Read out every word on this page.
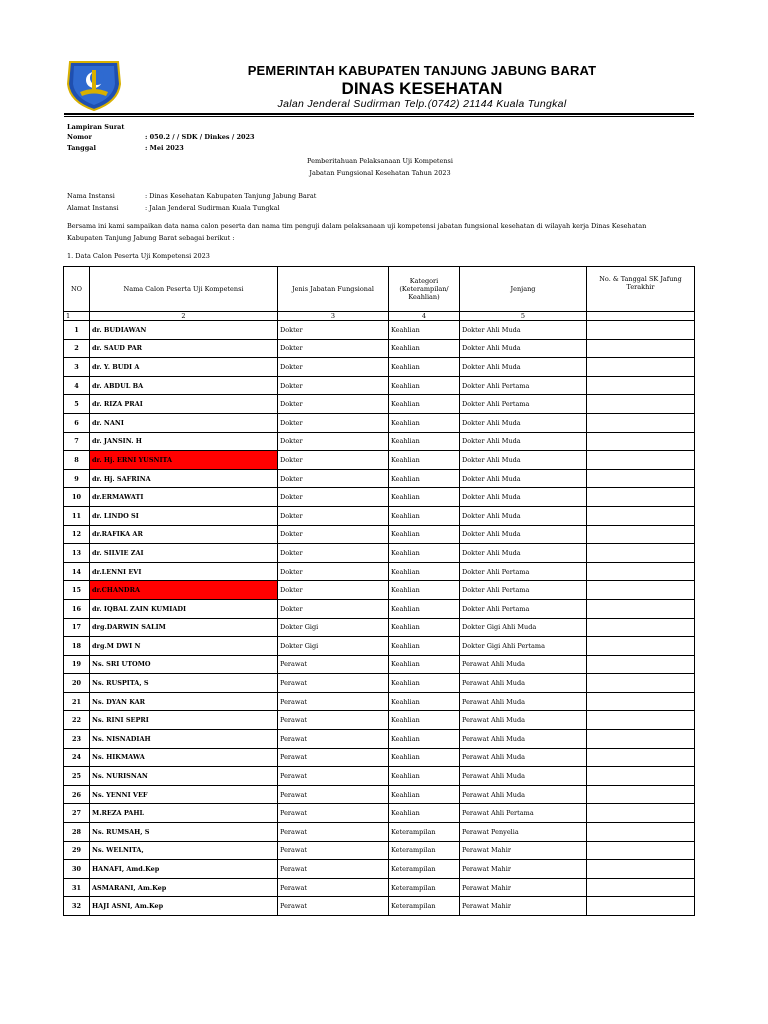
PEMERINTAH KABUPATEN TANJUNG JABUNG BARAT
DINAS KESEHATAN
Jalan Jenderal Sudirman Telp.(0742) 21144 Kuala Tungkal
Lampiran Surat
Nomor	: 050.2 / / SDK / Dinkes / 2023
Tanggal	: Mei 2023
Pemberitahuan Pelaksanaan Uji Kompetensi
Jabatan Fungsional Kesehatan Tahun 2023
Nama Instansi	: Dinas Kesehatan Kabupaten Tanjung Jabung Barat
Alamat Instansi	: Jalan Jenderal Sudirman Kuala Tungkal
Bersama ini kami sampaikan data nama calon peserta dan nama tim penguji dalam pelaksanaan uji kompetensi jabatan fungsional kesehatan di wilayah kerja Dinas Kesehatan
Kabupaten Tanjung Jabung Barat sebagai berikut :
1. Data Calon Peserta Uji Kompetensi 2023
NO	Nama Calon Peserta Uji Kompetensi	Jenis Jabatan Fungsional	Kategori (Keterampilan/ Keahlian)	Jenjang	No. & Tanggal SK Jafung Terakhir
1	2	3	4	5	
1	dr. BUDIAWAN	Dokter	Keahlian	Dokter Ahli Muda	
2	dr. SAUD PAR	Dokter	Keahlian	Dokter Ahli Muda	
3	dr. Y. BUDI A	Dokter	Keahlian	Dokter Ahli Muda	
4	dr. ABDUL BA	Dokter	Keahlian	Dokter Ahli Pertama	
5	dr. RIZA PRAI	Dokter	Keahlian	Dokter Ahli Pertama	
6	dr. NANI	Dokter	Keahlian	Dokter Ahli Muda	
7	dr. JANSIN. H	Dokter	Keahlian	Dokter Ahli Muda	
8	dr. Hj. ERNI YUSNITA	Dokter	Keahlian	Dokter Ahli Muda	
9	dr. Hj. SAFRINA	Dokter	Keahlian	Dokter Ahli Muda	
10	dr.ERMAWATI	Dokter	Keahlian	Dokter Ahli Muda	
11	dr. LINDO SI	Dokter	Keahlian	Dokter Ahli Muda	
12	dr.RAFIKA AR	Dokter	Keahlian	Dokter Ahli Muda	
13	dr. SILVIE ZAI	Dokter	Keahlian	Dokter Ahli Muda	
14	dr.LENNI EVI	Dokter	Keahlian	Dokter Ahli Pertama	
15	dr.CHANDRA	Dokter	Keahlian	Dokter Ahli Pertama	
16	dr. IQBAL ZAIN KUMIADI	Dokter	Keahlian	Dokter Ahli Pertama	
17	drg.DARWIN SALIM	Dokter Gigi	Keahlian	Dokter Gigi Ahli Muda	
18	drg.M DWI N	Dokter Gigi	Keahlian	Dokter Gigi Ahli Pertama	
19	Ns. SRI UTOMO	Perawat	Keahlian	Perawat Ahli Muda	
20	Ns. RUSPITA, S	Perawat	Keahlian	Perawat Ahli Muda	
21	Ns. DYAN KAR	Perawat	Keahlian	Perawat Ahli Muda	
22	Ns. RINI SEPRI	Perawat	Keahlian	Perawat Ahli Muda	
23	Ns. NISNADIAH	Perawat	Keahlian	Perawat Ahli Muda	
24	Ns. HIKMAWA	Perawat	Keahlian	Perawat Ahli Muda	
25	Ns. NURISNAN	Perawat	Keahlian	Perawat Ahli Muda	
26	Ns. YENNI VEF	Perawat	Keahlian	Perawat Ahli Muda	
27	M.REZA PAHL	Perawat	Keahlian	Perawat Ahli Pertama	
28	Ns. RUMSAH, S	Perawat	Keterampilan	Perawat Penyelia	
29	Ns. WELNITA,	Perawat	Keterampilan	Perawat Mahir	
30	HANAFI, Amd.Kep	Perawat	Keterampilan	Perawat Mahir	
31	ASMARANI, Am.Kep	Perawat	Keterampilan	Perawat Mahir	
32	HAJI ASNI, Am.Kep	Perawat	Keterampilan	Perawat Mahir	
